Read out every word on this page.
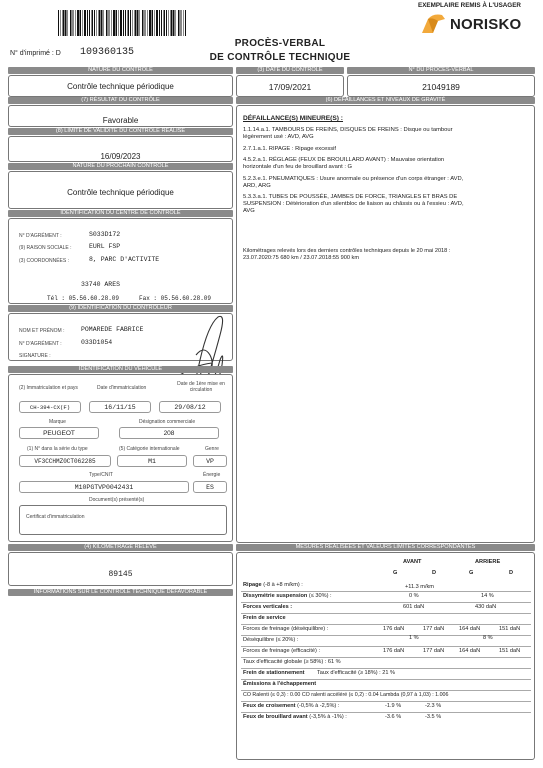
EXEMPLAIRE REMIS À L'USAGER
NORISKO
N° d'imprimé : D 109360135
PROCÈS-VERBAL
DE CONTRÔLE TECHNIQUE
NATURE DU CONTRÔLE
Contrôle technique périodique
(3) DATE DU CONTRÔLE
17/09/2021
N° DU PROCÈS-VERBAL
21049189
(7) RÉSULTAT DU CONTRÔLE
Favorable
(8) LIMITE DE VALIDITÉ DU CONTRÔLE RÉALISÉ
16/09/2023
NATURE DU PROCHAIN CONTRÔLE
Contrôle technique périodique
IDENTIFICATION DU CENTRE DE CONTRÔLE
N° D'AGRÉMENT :	S033D172
(9) RAISON SOCIALE :	EURL FSP
(3) COORDONNÉES :	8, PARC D'ACTIVITE
33740 ARES
Tél : 05.56.60.28.09	Fax : 05.56.60.28.09
(9) IDENTIFICATION DU CONTRÔLEUR
NOM ET PRÉNOM :	POMAREDE FABRICE
N° D'AGRÉMENT :	033D1054
SIGNATURE :
IDENTIFICATION DU VÉHICULE
(2) Immatriculation et pays	Date d'immatriculation
Date de 1ère mise en circulation
CH-394-CX(F)	16/11/15	29/08/12
Marque	Désignation commerciale
PEUGEOT	208
(1) N° dans la série du type	(5) Catégorie internationale	Genre
VF3CCHMZ0CT062285	M1	VP
Type/CNIT	Énergie
M10PGTVP0042431	ES
Document(s) présenté(s)
Certificat d'immatriculation
(4) KILOMÉTRAGE RELEVÉ
89145
INFORMATIONS SUR LE CONTRÔLE TECHNIQUE DÉFAVORABLE
(6) DÉFAILLANCES ET NIVEAUX DE GRAVITÉ
DÉFAILLANCE(S) MINEURE(S) :
1.1.14.a.1. TAMBOURS DE FREINS, DISQUES DE FREINS : Disque ou tambour
légèrement usé : AVD, AVG
2.7.1.a.1. RIPAGE : Ripage excessif
4.5.2.a.1. RÉGLAGE (FEUX DE BROUILLARD AVANT) : Mauvaise orientation
horizontale d'un feu de brouillard avant : G
5.2.3.e.1. PNEUMATIQUES : Usure anormale ou présence d'un corps étranger : AVD,
ARD, ARG
5.3.3.a.1. TUBES DE POUSSÉE, JAMBES DE FORCE, TRIANGLES ET BRAS DE
SUSPENSION : Détérioration d'un silentbloc de liaison au châssis ou à l'essieu : AVD,
AVG
Kilométrages relevés lors des derniers contrôles techniques depuis le 20 mai 2018 :
23.07.2020:75 680 km / 23.07.2018:55 900 km
MESURES RÉALISÉES ET VALEURS LIMITES CORRESPONDANTES
AVANT	ARRIERE
G	D	G	D
Ripage (-8 à +8 m/km) :	+11.3 m/km
Dissymétrie suspension (≤ 30%) :	0 %	14 %
Forces verticales :	601 daN	430 daN
Frein de service
Forces de freinage (déséquilibre) :	176 daN	177 daN	164 daN	151 daN
Déséquilibre (≤ 20%) :	1 %	8 %
Forces de freinage (efficacité) :	176 daN	177 daN	164 daN	151 daN
Taux d'efficacité globale (≥ 58%) : 61 %
Frein de stationnement Taux d'efficacité (≥ 18%) : 21 %
Émissions à l'échappement
CO Ralenti (≤ 0,3) : 0.00 CO ralenti accéléré (≤ 0,2) : 0.04 Lambda (0,97 à 1,03) : 1.006
Feux de croisement (-0,5% à -2,5%) :	-1.9 %	-2.3 %
Feux de brouillard avant (-3,5% à -1%) :	-3.6 %	-3.5 %
